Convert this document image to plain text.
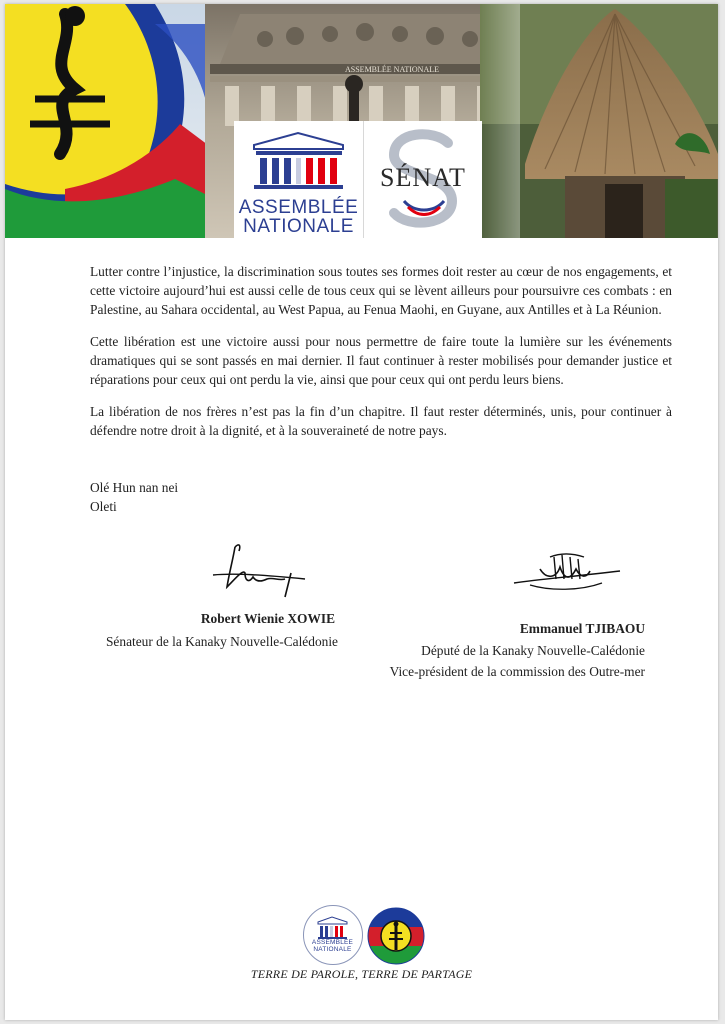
ASSEMBLÉE NATIONALE
ASSEMBLÉE
NATIONALE
SÉNAT

Lutter contre l’injustice, la discrimination sous toutes ses formes doit rester au cœur de nos engagements, et cette victoire aujourd’hui est aussi celle de tous ceux qui se lèvent ailleurs pour poursuivre ces combats : en Palestine, au Sahara occidental, au West Papua, au Fenua Maohi, en Guyane, aux Antilles et à La Réunion.

Cette libération est une victoire aussi pour nous permettre de faire toute la lumière sur les événements dramatiques qui se sont passés en mai dernier. Il faut continuer à rester mobilisés pour demander justice et réparations pour ceux qui ont perdu la vie, ainsi que pour ceux qui ont perdu leurs biens.

La libération de nos frères n’est pas la fin d’un chapitre. Il faut rester déterminés, unis, pour continuer à défendre notre droit à la dignité, et à la souveraineté de notre pays.

Olé Hun nan nei
Oleti
Robert Wienie XOWIE
Sénateur de la Kanaky Nouvelle-Calédonie
Emmanuel TJIBAOU
Député de la Kanaky Nouvelle-Calédonie
Vice-président de la commission des Outre-mer
ASSEMBLÉE
NATIONALE
TERRE DE PAROLE, TERRE DE PARTAGE
